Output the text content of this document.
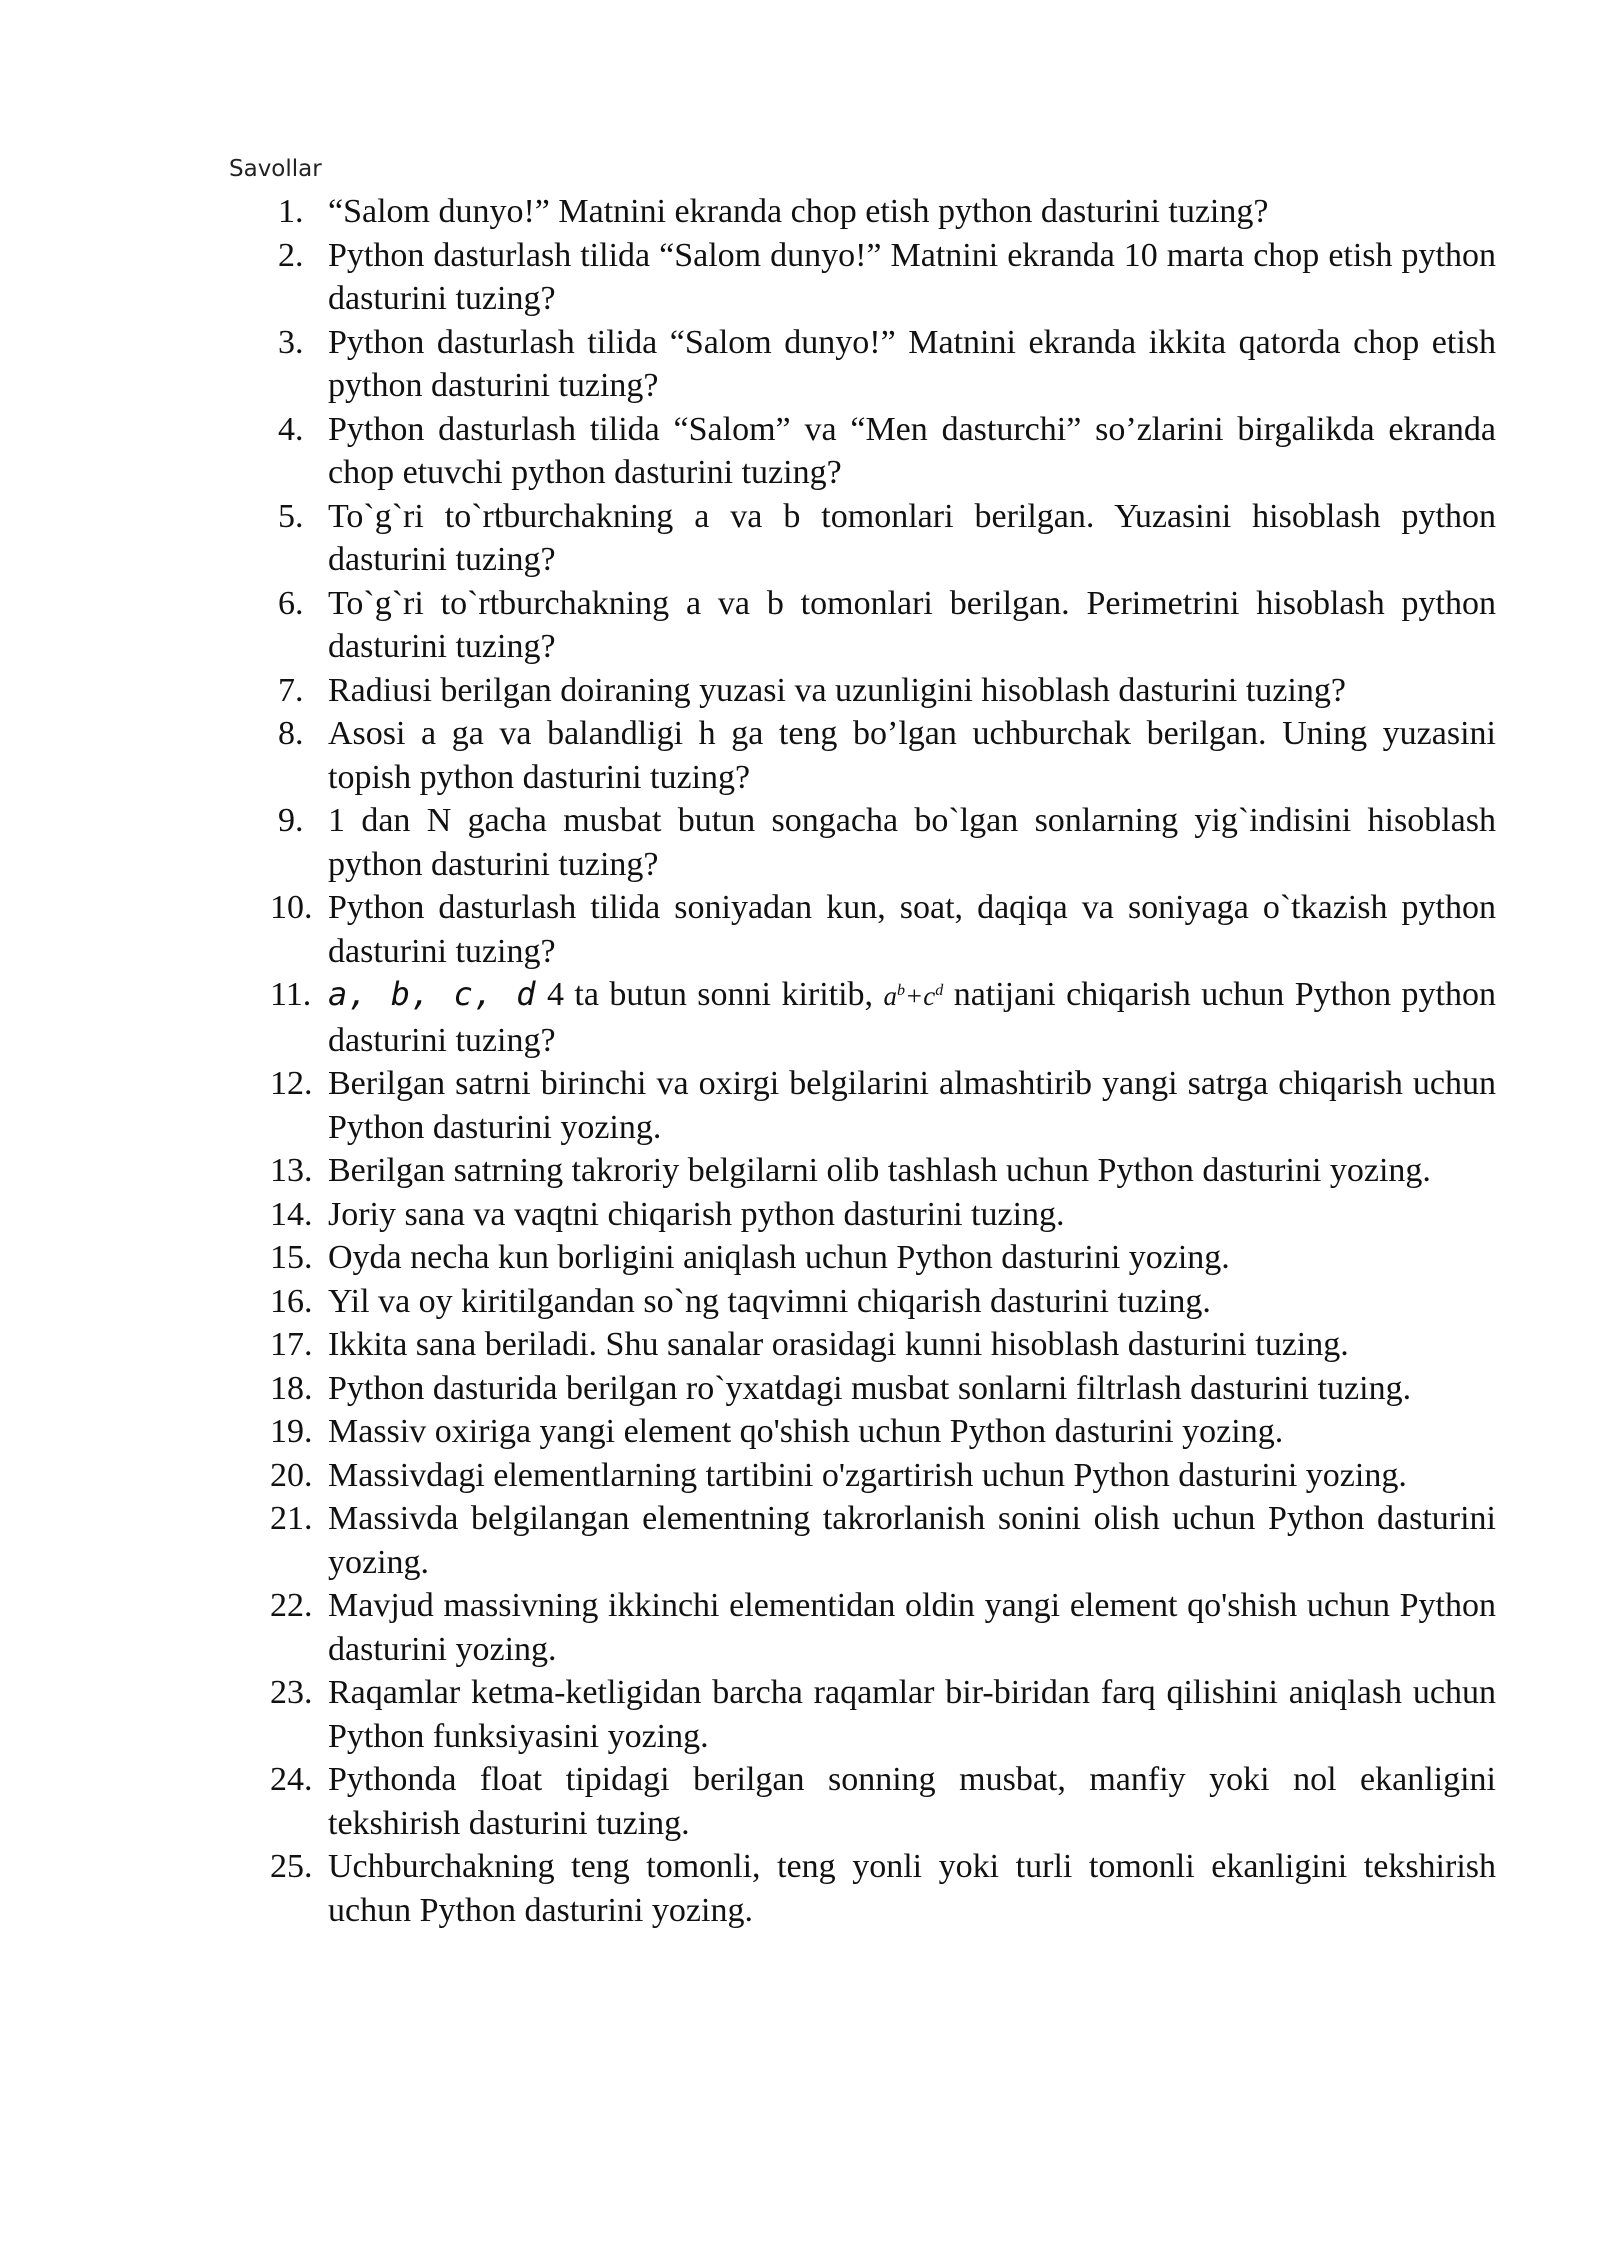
Savollar

1. “Salom dunyo!” Matnini ekranda chop etish python dasturini tuzing?
2. Python dasturlash tilida “Salom dunyo!” Matnini ekranda 10 marta chop etish python dasturini tuzing?
3. Python dasturlash tilida “Salom dunyo!” Matnini ekranda ikkita qatorda chop etish python dasturini tuzing?
4. Python dasturlash tilida “Salom” va “Men dasturchi” so’zlarini birgalikda ekranda chop etuvchi python dasturini tuzing?
5. To`g`ri to`rtburchakning a va b tomonlari berilgan. Yuzasini hisoblash python dasturini tuzing?
6. To`g`ri to`rtburchakning a va b tomonlari berilgan. Perimetrini hisoblash python dasturini tuzing?
7. Radiusi berilgan doiraning yuzasi va uzunligini hisoblash dasturini tuzing?
8. Asosi a ga va balandligi h ga teng bo’lgan uchburchak berilgan. Uning yuzasini topish python dasturini tuzing?
9. 1 dan N gacha musbat butun songacha bo`lgan sonlarning yig`indisini hisoblash python dasturini tuzing?
10. Python dasturlash tilida soniyadan kun, soat, daqiqa va soniyaga o`tkazish python dasturini tuzing?
11. a, b, c, d 4 ta butun sonni kiritib, $a^b+c^d$ natijani chiqarish uchun Python python dasturini tuzing?
12. Berilgan satrni birinchi va oxirgi belgilarini almashtirib yangi satrga chiqarish uchun Python dasturini yozing.
13. Berilgan satrning takroriy belgilarni olib tashlash uchun Python dasturini yozing.
14. Joriy sana va vaqtni chiqarish python dasturini tuzing.
15. Oyda necha kun borligini aniqlash uchun Python dasturini yozing.
16. Yil va oy kiritilgandan so`ng taqvimni chiqarish dasturini tuzing.
17. Ikkita sana beriladi. Shu sanalar orasidagi kunni hisoblash dasturini tuzing.
18. Python dasturida berilgan ro`yxatdagi musbat sonlarni filtrlash dasturini tuzing.
19. Massiv oxiriga yangi element qo'shish uchun Python dasturini yozing.
20. Massivdagi elementlarning tartibini o'zgartirish uchun Python dasturini yozing.
21. Massivda belgilangan elementning takrorlanish sonini olish uchun Python dasturini yozing.
22. Mavjud massivning ikkinchi elementidan oldin yangi element qo'shish uchun Python dasturini yozing.
23. Raqamlar ketma-ketligidan barcha raqamlar bir-biridan farq qilishini aniqlash uchun Python funksiyasini yozing.
24. Pythonda float tipidagi berilgan sonning musbat, manfiy yoki nol ekanligini tekshirish dasturini tuzing.
25. Uchburchakning teng tomonli, teng yonli yoki turli tomonli ekanligini tekshirish uchun Python dasturini yozing.
